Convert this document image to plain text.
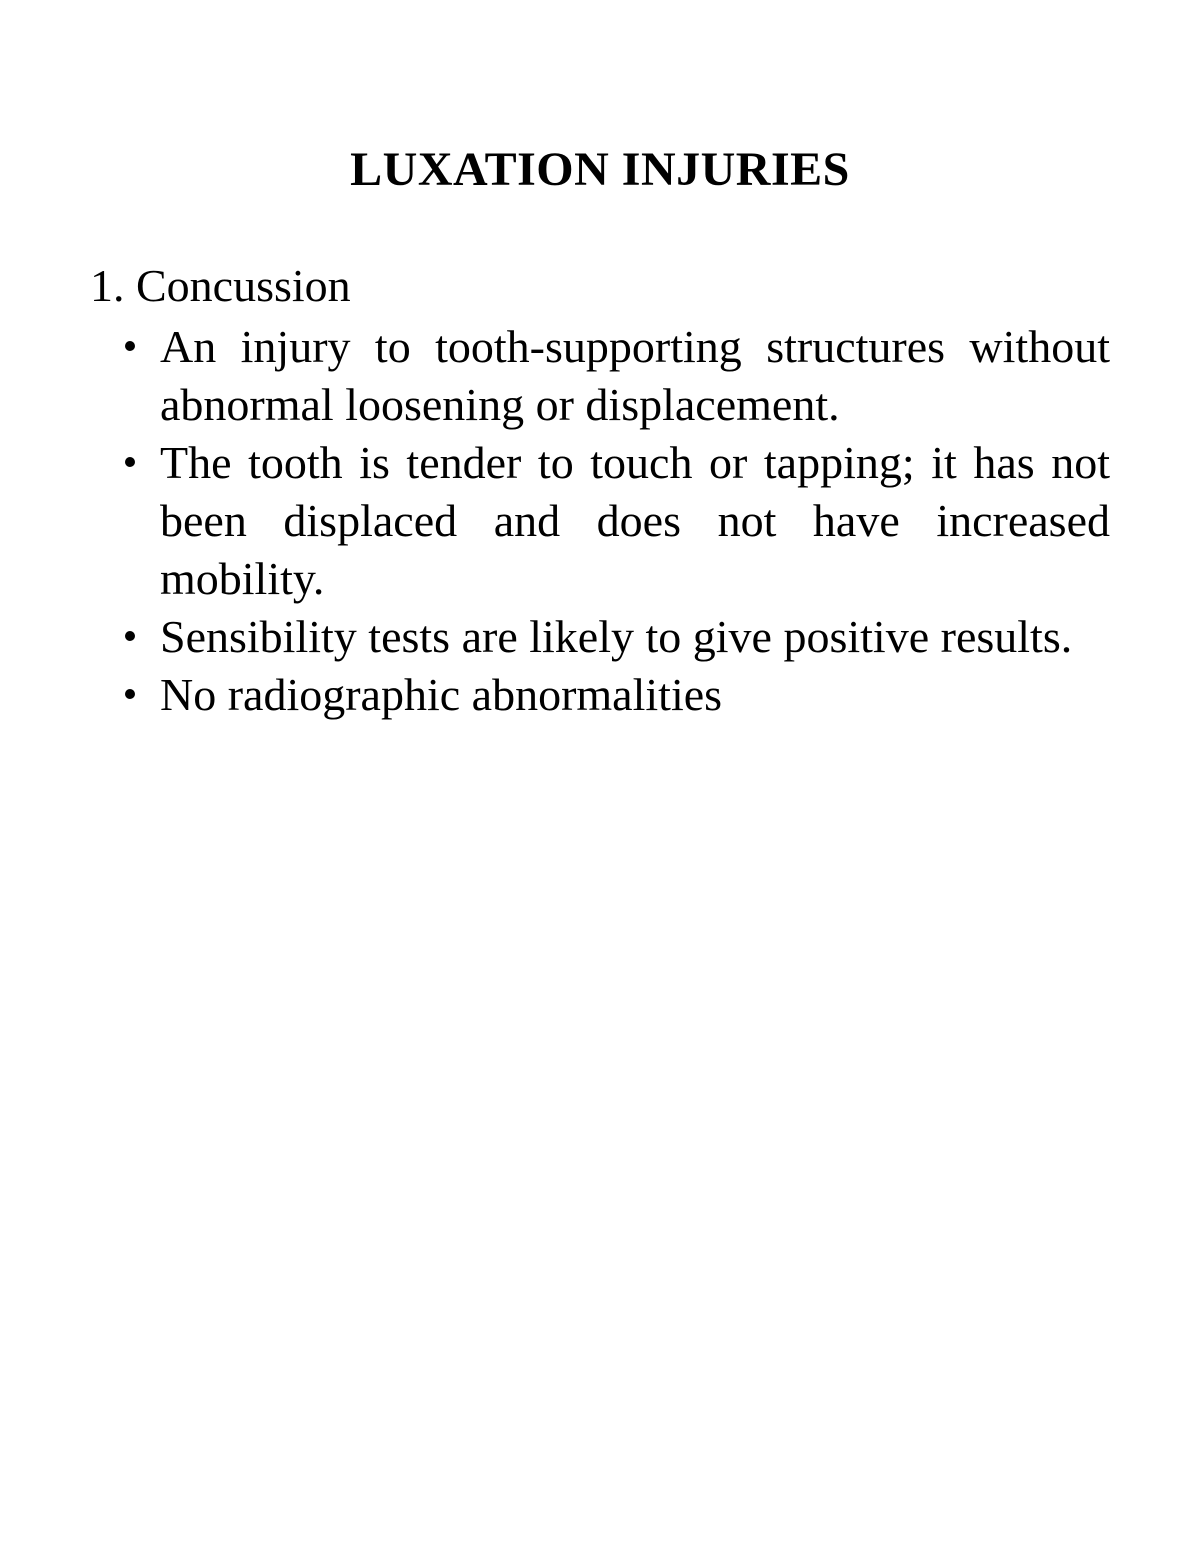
LUXATION INJURIES

1. Concussion

An injury to tooth-supporting structures without abnormal loosening or displacement.
The tooth is tender to touch or tapping; it has not been displaced and does not have increased mobility.
Sensibility tests are likely to give positive results.
No radiographic abnormalities
